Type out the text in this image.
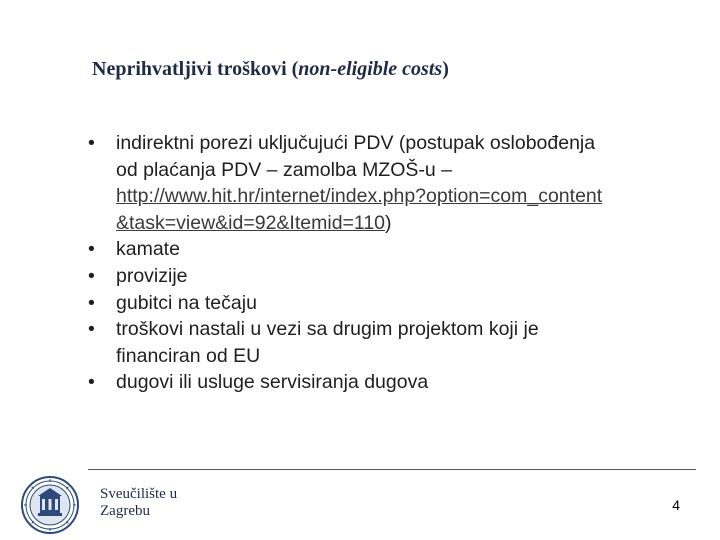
Neprihvatljivi troškovi (non-eligible costs)
•	indirektni porezi uključujući PDV (postupak oslobođenja
od plaćanja PDV – zamolba MZOŠ-u –
http://www.hit.hr/internet/index.php?option=com_content
&task=view&id=92&Itemid=110)
•	kamate
•	provizije
•	gubitci na tečaju
•	troškovi nastali u vezi sa drugim projektom koji je
financiran od EU
•	dugovi ili usluge servisiranja dugova
Sveučilište u
Zagrebu	4
